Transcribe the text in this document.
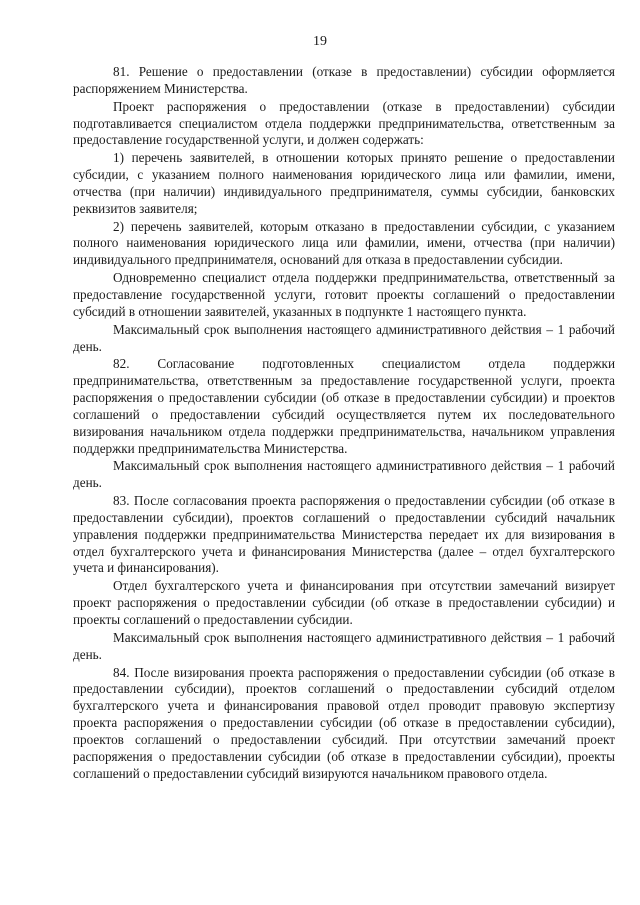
19

81. Решение о предоставлении (отказе в предоставлении) субсидии оформляется распоряжением Министерства.

Проект распоряжения о предоставлении (отказе в предоставлении) субсидии подготавливается специалистом отдела поддержки предпринимательства, ответственным за предоставление государственной услуги, и должен содержать:

1) перечень заявителей, в отношении которых принято решение о предоставлении субсидии, с указанием полного наименования юридического лица или фамилии, имени, отчества (при наличии) индивидуального предпринимателя, суммы субсидии, банковских реквизитов заявителя;

2) перечень заявителей, которым отказано в предоставлении субсидии, с указанием полного наименования юридического лица или фамилии, имени, отчества (при наличии) индивидуального предпринимателя, оснований для отказа в предоставлении субсидии.

Одновременно специалист отдела поддержки предпринимательства, ответственный за предоставление государственной услуги, готовит проекты соглашений о предоставлении субсидий в отношении заявителей, указанных в подпункте 1 настоящего пункта.

Максимальный срок выполнения настоящего административного действия – 1 рабочий день.

82. Согласование подготовленных специалистом отдела поддержки предпринимательства, ответственным за предоставление государственной услуги, проекта распоряжения о предоставлении субсидии (об отказе в предоставлении субсидии) и проектов соглашений о предоставлении субсидий осуществляется путем их последовательного визирования начальником отдела поддержки предпринимательства, начальником управления поддержки предпринимательства Министерства.

Максимальный срок выполнения настоящего административного действия – 1 рабочий день.

83. После согласования проекта распоряжения о предоставлении субсидии (об отказе в предоставлении субсидии), проектов соглашений о предоставлении субсидий начальник управления поддержки предпринимательства Министерства передает их для визирования в отдел бухгалтерского учета и финансирования Министерства (далее – отдел бухгалтерского учета и финансирования).

Отдел бухгалтерского учета и финансирования при отсутствии замечаний визирует проект распоряжения о предоставлении субсидии (об отказе в предоставлении субсидии) и проекты соглашений о предоставлении субсидии.

Максимальный срок выполнения настоящего административного действия – 1 рабочий день.

84. После визирования проекта распоряжения о предоставлении субсидии (об отказе в предоставлении субсидии), проектов соглашений о предоставлении субсидий отделом бухгалтерского учета и финансирования правовой отдел проводит правовую экспертизу проекта распоряжения о предоставлении субсидии (об отказе в предоставлении субсидии), проектов соглашений о предоставлении субсидий. При отсутствии замечаний проект распоряжения о предоставлении субсидии (об отказе в предоставлении субсидии), проекты соглашений о предоставлении субсидий визируются начальником правового отдела.
